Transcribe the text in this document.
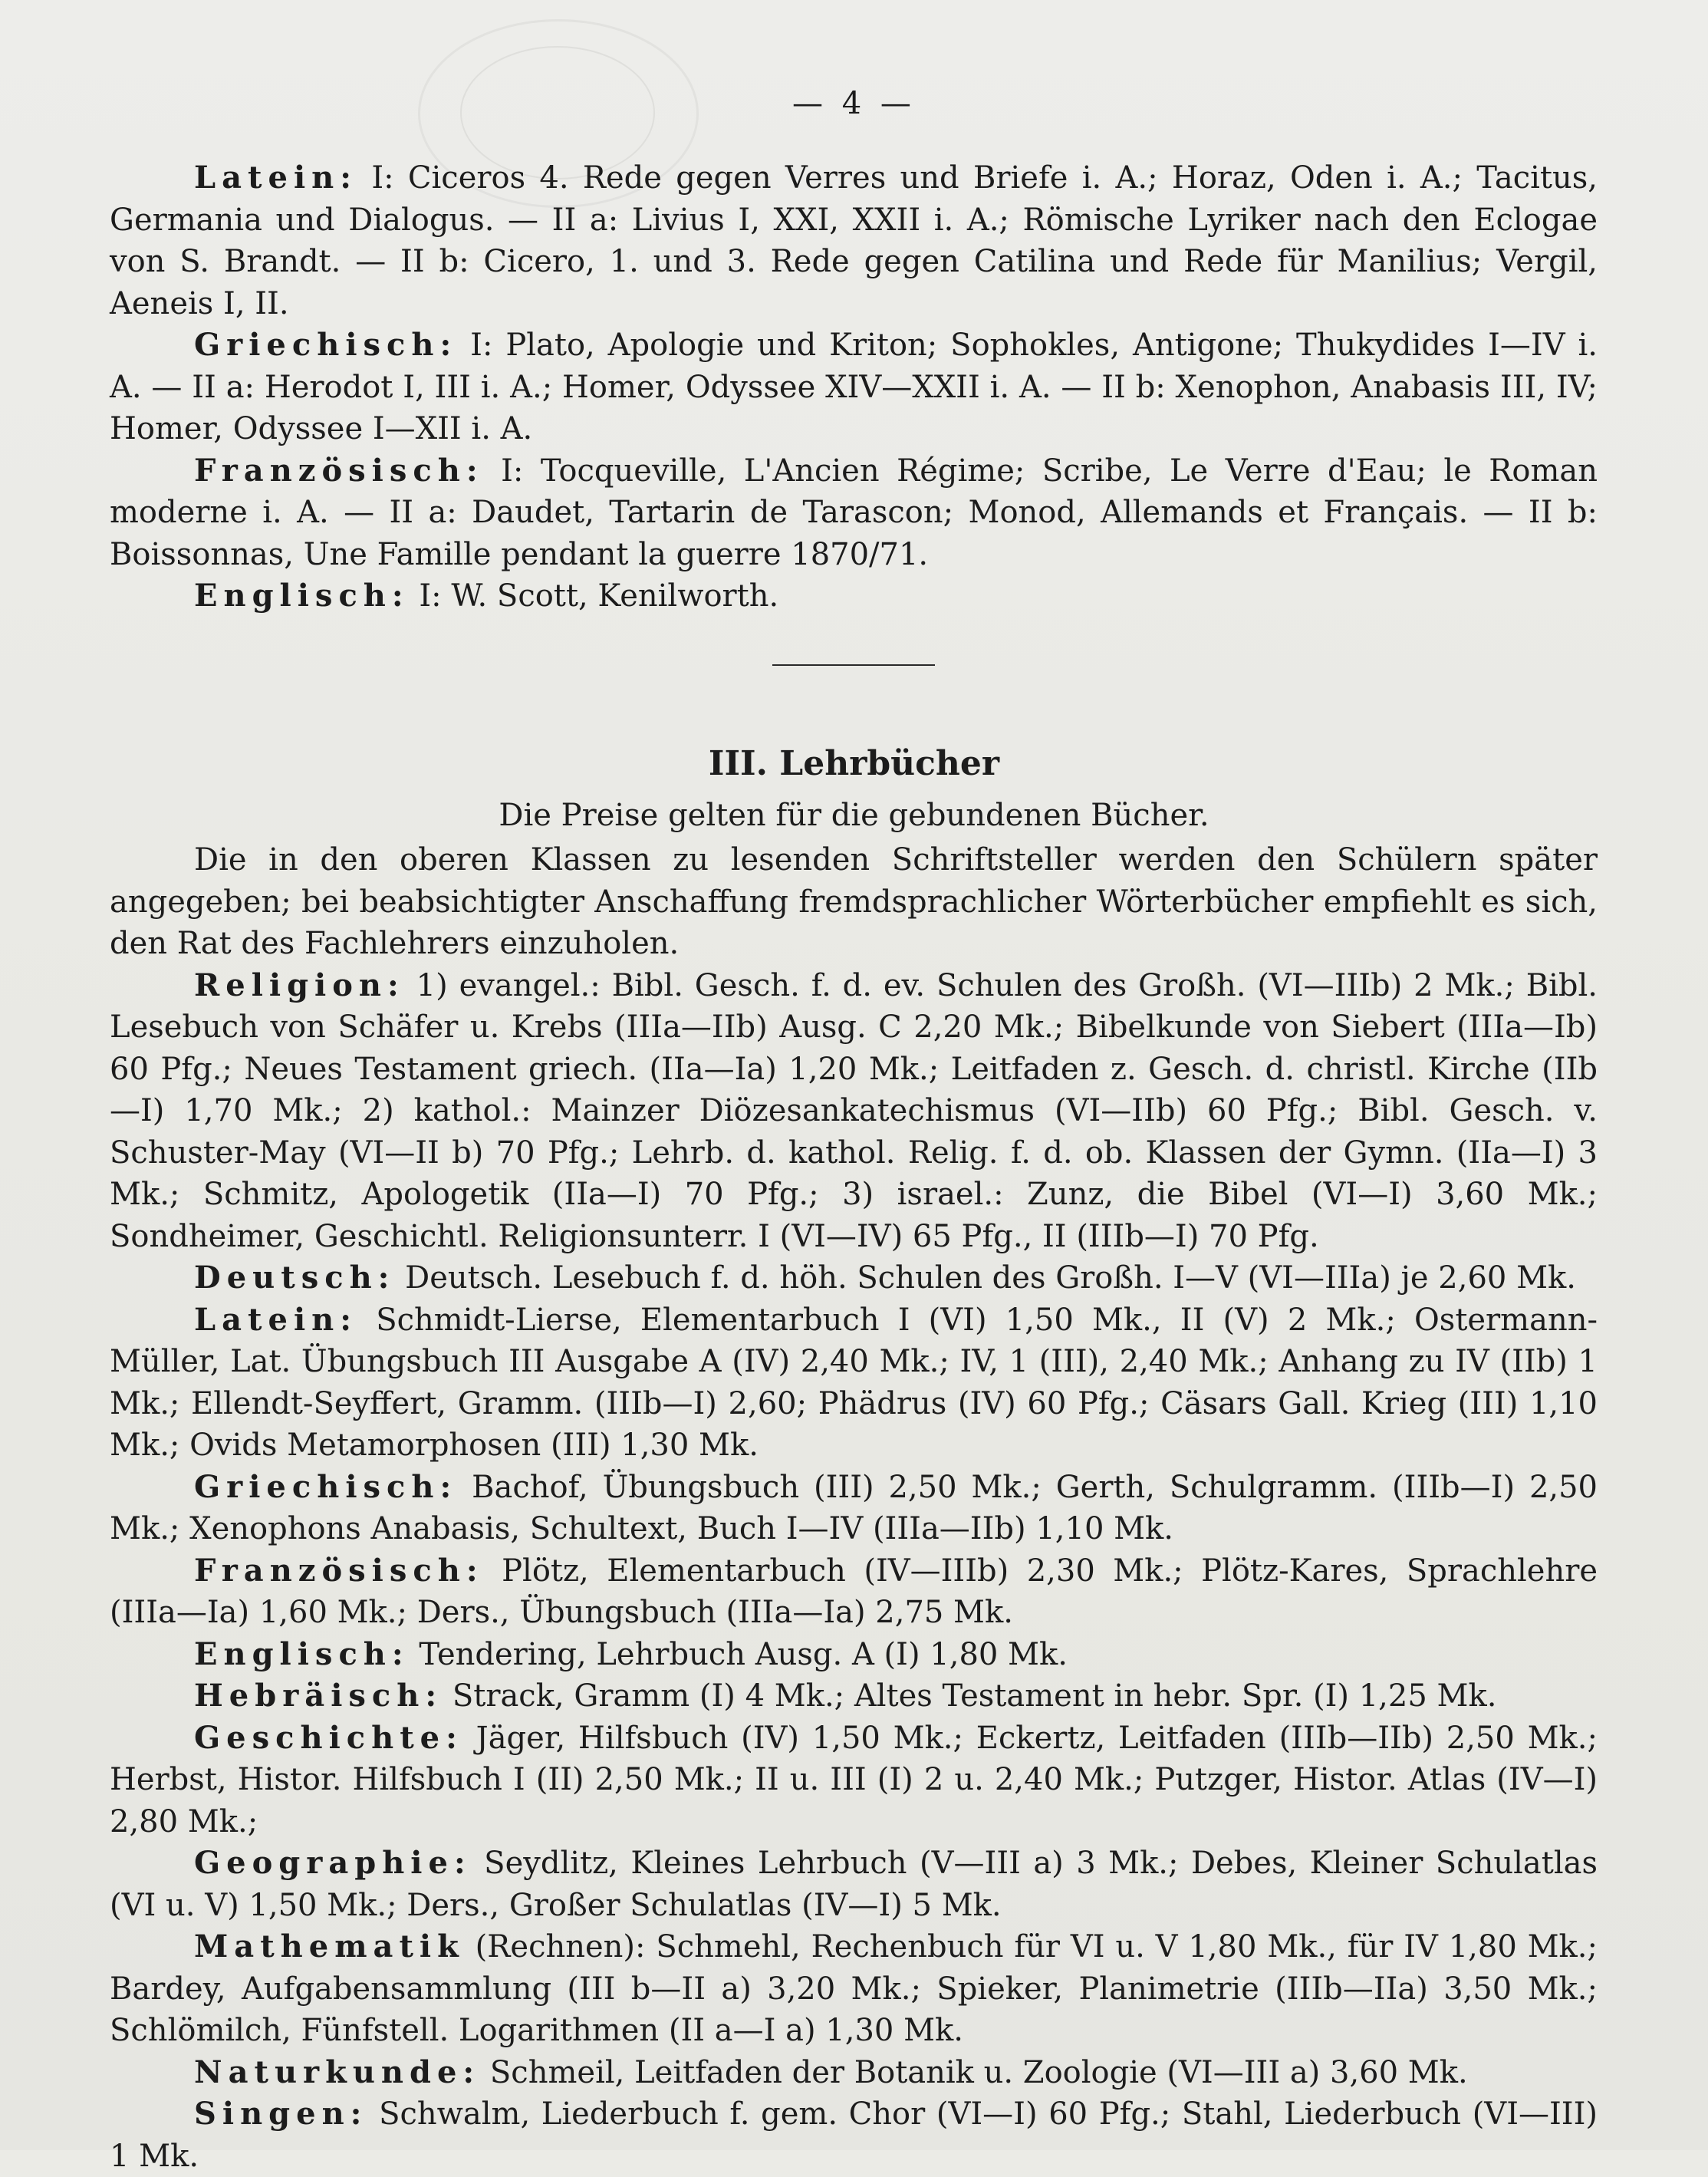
— 4 —

Latein: I: Ciceros 4. Rede gegen Verres und Briefe i. A.; Horaz, Oden i. A.; Tacitus, Germania und Dialogus. — II a: Livius I, XXI, XXII i. A.; Römische Lyriker nach den Eclogae von S. Brandt. — II b: Cicero, 1. und 3. Rede gegen Catilina und Rede für Manilius; Vergil, Aeneis I, II.

Griechisch: I: Plato, Apologie und Kriton; Sophokles, Antigone; Thukydides I—IV i. A. — II a: Herodot I, III i. A.; Homer, Odyssee XIV—XXII i. A. — II b: Xenophon, Anabasis III, IV; Homer, Odyssee I—XII i. A.

Französisch: I: Tocqueville, L'Ancien Régime; Scribe, Le Verre d'Eau; le Roman moderne i. A. — II a: Daudet, Tartarin de Tarascon; Monod, Allemands et Français. — II b: Boissonnas, Une Famille pendant la guerre 1870/71.

Englisch: I: W. Scott, Kenilworth.

III. Lehrbücher
Die Preise gelten für die gebundenen Bücher.

Die in den oberen Klassen zu lesenden Schriftsteller werden den Schülern später angegeben; bei beabsichtigter Anschaffung fremdsprachlicher Wörterbücher empfiehlt es sich, den Rat des Fachlehrers einzuholen.

Religion: 1) evangel.: Bibl. Gesch. f. d. ev. Schulen des Großh. (VI—IIIb) 2 Mk.; Bibl. Lesebuch von Schäfer u. Krebs (IIIa—IIb) Ausg. C 2,20 Mk.; Bibelkunde von Siebert (IIIa—Ib) 60 Pfg.; Neues Testament griech. (IIa—Ia) 1,20 Mk.; Leitfaden z. Gesch. d. christl. Kirche (IIb—I) 1,70 Mk.; 2) kathol.: Mainzer Diözesankatechismus (VI—IIb) 60 Pfg.; Bibl. Gesch. v. Schuster-May (VI—II b) 70 Pfg.; Lehrb. d. kathol. Relig. f. d. ob. Klassen der Gymn. (IIa—I) 3 Mk.; Schmitz, Apologetik (IIa—I) 70 Pfg.; 3) israel.: Zunz, die Bibel (VI—I) 3,60 Mk.; Sondheimer, Geschichtl. Religionsunterr. I (VI—IV) 65 Pfg., II (IIIb—I) 70 Pfg.

Deutsch: Deutsch. Lesebuch f. d. höh. Schulen des Großh. I—V (VI—IIIa) je 2,60 Mk.

Latein: Schmidt-Lierse, Elementarbuch I (VI) 1,50 Mk., II (V) 2 Mk.; Ostermann-Müller, Lat. Übungsbuch III Ausgabe A (IV) 2,40 Mk.; IV, 1 (III), 2,40 Mk.; Anhang zu IV (IIb) 1 Mk.; Ellendt-Seyffert, Gramm. (IIIb—I) 2,60; Phädrus (IV) 60 Pfg.; Cäsars Gall. Krieg (III) 1,10 Mk.; Ovids Metamorphosen (III) 1,30 Mk.

Griechisch: Bachof, Übungsbuch (III) 2,50 Mk.; Gerth, Schulgramm. (IIIb—I) 2,50 Mk.; Xenophons Anabasis, Schultext, Buch I—IV (IIIa—IIb) 1,10 Mk.

Französisch: Plötz, Elementarbuch (IV—IIIb) 2,30 Mk.; Plötz-Kares, Sprachlehre (IIIa—Ia) 1,60 Mk.; Ders., Übungsbuch (IIIa—Ia) 2,75 Mk.

Englisch: Tendering, Lehrbuch Ausg. A (I) 1,80 Mk.

Hebräisch: Strack, Gramm (I) 4 Mk.; Altes Testament in hebr. Spr. (I) 1,25 Mk.

Geschichte: Jäger, Hilfsbuch (IV) 1,50 Mk.; Eckertz, Leitfaden (IIIb—IIb) 2,50 Mk.; Herbst, Histor. Hilfsbuch I (II) 2,50 Mk.; II u. III (I) 2 u. 2,40 Mk.; Putzger, Histor. Atlas (IV—I) 2,80 Mk.;

Geographie: Seydlitz, Kleines Lehrbuch (V—III a) 3 Mk.; Debes, Kleiner Schulatlas (VI u. V) 1,50 Mk.; Ders., Großer Schulatlas (IV—I) 5 Mk.

Mathematik (Rechnen): Schmehl, Rechenbuch für VI u. V 1,80 Mk., für IV 1,80 Mk.; Bardey, Aufgabensammlung (III b—II a) 3,20 Mk.; Spieker, Planimetrie (IIIb—IIa) 3,50 Mk.; Schlömilch, Fünfstell. Logarithmen (II a—I a) 1,30 Mk.

Naturkunde: Schmeil, Leitfaden der Botanik u. Zoologie (VI—III a) 3,60 Mk.

Singen: Schwalm, Liederbuch f. gem. Chor (VI—I) 60 Pfg.; Stahl, Liederbuch (VI—III) 1 Mk.
